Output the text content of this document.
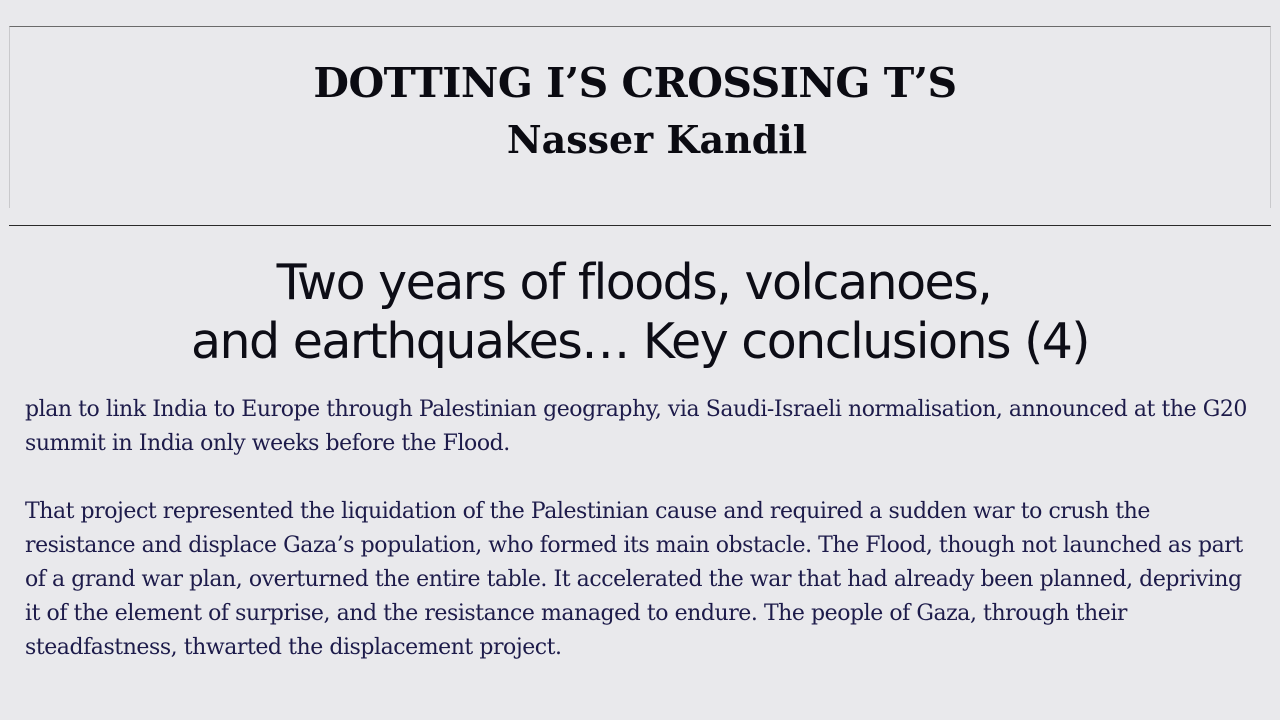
DOTTING I’S CROSSING T’S
Nasser Kandil
Two years of floods, volcanoes,
and earthquakes… Key conclusions (4)

plan to link India to Europe through Palestinian geography, via Saudi-Israeli normalisation, announced at the G20 summit in India only weeks before the Flood.

That project represented the liquidation of the Palestinian cause and required a sudden war to crush the resistance and displace Gaza’s population, who formed its main obstacle. The Flood, though not launched as part of a grand war plan, overturned the entire table. It accelerated the war that had already been planned, depriving it of the element of surprise, and the resistance managed to endure. The people of Gaza, through their steadfastness, thwarted the displacement project.
